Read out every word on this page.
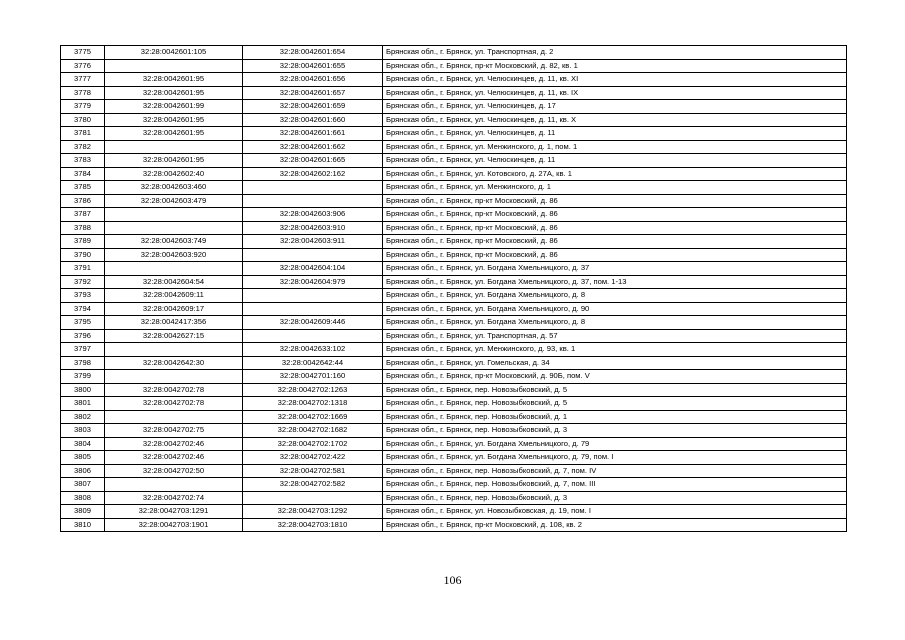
3775	32:28:0042601:105	32:28:0042601:654	Брянская обл., г. Брянск, ул. Транспортная, д. 2
3776		32:28:0042601:655	Брянская обл., г. Брянск, пр-кт Московский, д. 82, кв. 1
3777	32:28:0042601:95	32:28:0042601:656	Брянская обл., г. Брянск, ул. Челюскинцев, д. 11, кв. XI
3778	32:28:0042601:95	32:28:0042601:657	Брянская обл., г. Брянск, ул. Челюскинцев, д. 11, кв. IX
3779	32:28:0042601:99	32:28:0042601:659	Брянская обл., г. Брянск, ул. Челюскинцев, д. 17
3780	32:28:0042601:95	32:28:0042601:660	Брянская обл., г. Брянск, ул. Челюскинцев, д. 11, кв. X
3781	32:28:0042601:95	32:28:0042601:661	Брянская обл., г. Брянск, ул. Челюскинцев, д. 11
3782		32:28:0042601:662	Брянская обл., г. Брянск, ул. Менжинского, д. 1, пом. 1
3783	32:28:0042601:95	32:28:0042601:665	Брянская обл., г. Брянск, ул. Челюскинцев, д. 11
3784	32:28:0042602:40	32:28:0042602:162	Брянская обл., г. Брянск, ул. Котовского, д. 27А, кв. 1
3785	32:28:0042603:460		Брянская обл., г. Брянск, ул. Менжинского, д. 1
3786	32:28:0042603:479		Брянская обл., г. Брянск, пр-кт Московский, д. 86
3787		32:28:0042603:906	Брянская обл., г. Брянск, пр-кт Московский, д. 86
3788		32:28:0042603:910	Брянская обл., г. Брянск, пр-кт Московский, д. 86
3789	32:28:0042603:749	32:28:0042603:911	Брянская обл., г. Брянск, пр-кт Московский, д. 86
3790	32:28:0042603:920		Брянская обл., г. Брянск, пр-кт Московский, д. 86
3791		32:28:0042604:104	Брянская обл., г. Брянск, ул. Богдана Хмельницкого, д. 37
3792	32:28:0042604:54	32:28:0042604:979	Брянская обл., г. Брянск, ул. Богдана Хмельницкого, д. 37, пом. 1-13
3793	32:28:0042609:11		Брянская обл., г. Брянск, ул. Богдана Хмельницкого, д. 8
3794	32:28:0042609:17		Брянская обл., г. Брянск, ул. Богдана Хмельницкого, д. 90
3795	32:28:0042417:356	32:28:0042609:446	Брянская обл., г. Брянск, ул. Богдана Хмельницкого, д. 8
3796	32:28:0042627:15		Брянская обл., г. Брянск, ул. Транспортная, д. 57
3797		32:28:0042633:102	Брянская обл., г. Брянск, ул. Менжинского, д. 93, кв. 1
3798	32:28:0042642:30	32:28:0042642:44	Брянская обл., г. Брянск, ул. Гомельская, д. 34
3799		32:28:0042701:160	Брянская обл., г. Брянск, пр-кт Московский, д. 90Б, пом. V
3800	32:28:0042702:78	32:28:0042702:1263	Брянская обл., г. Брянск, пер. Новозыбковский, д. 5
3801	32:28:0042702:78	32:28:0042702:1318	Брянская обл., г. Брянск, пер. Новозыбковский, д. 5
3802		32:28:0042702:1669	Брянская обл., г. Брянск, пер. Новозыбковский, д. 1
3803	32:28:0042702:75	32:28:0042702:1682	Брянская обл., г. Брянск, пер. Новозыбковский, д. 3
3804	32:28:0042702:46	32:28:0042702:1702	Брянская обл., г. Брянск, ул. Богдана Хмельницкого, д. 79
3805	32:28:0042702:46	32:28:0042702:422	Брянская обл., г. Брянск, ул. Богдана Хмельницкого, д. 79, пом. I
3806	32:28:0042702:50	32:28:0042702:581	Брянская обл., г. Брянск, пер. Новозыбковский, д. 7, пом. IV
3807		32:28:0042702:582	Брянская обл., г. Брянск, пер. Новозыбковский, д. 7, пом. III
3808	32:28:0042702:74		Брянская обл., г. Брянск, пер. Новозыбковский, д. 3
3809	32:28:0042703:1291	32:28:0042703:1292	Брянская обл., г. Брянск, ул. Новозыбковская, д. 19, пом. I
3810	32:28:0042703:1901	32:28:0042703:1810	Брянская обл., г. Брянск, пр-кт Московский, д. 108, кв. 2
106
